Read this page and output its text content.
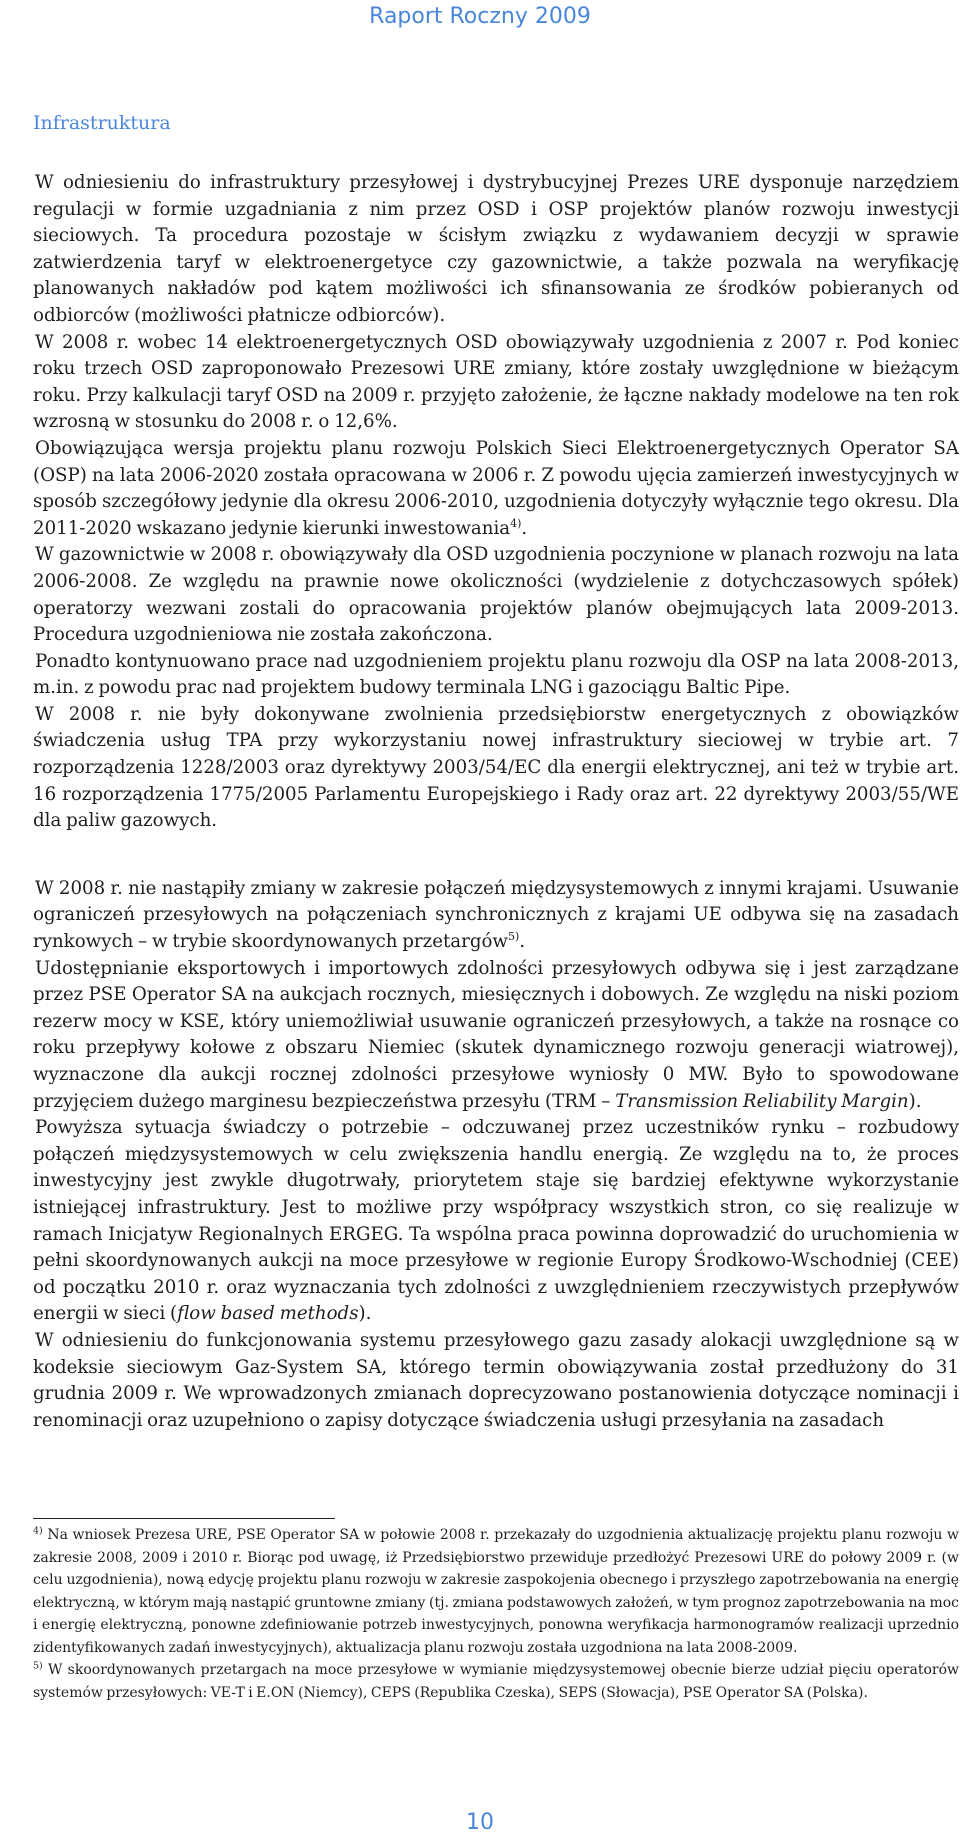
Raport Roczny 2009
Infrastruktura

W odniesieniu do infrastruktury przesyłowej i dystrybucyjnej Prezes URE dysponuje narzędziem regulacji w formie uzgadniania z nim przez OSD i OSP projektów planów rozwoju inwestycji sieciowych. Ta procedura pozostaje w ścisłym związku z wydawaniem decyzji w sprawie zatwierdzenia taryf w elektroenergetyce czy gazownictwie, a także pozwala na weryfikację planowanych nakładów pod kątem możliwości ich sfinansowania ze środków pobieranych od odbiorców (możliwości płatnicze odbiorców).

W 2008 r. wobec 14 elektroenergetycznych OSD obowiązywały uzgodnienia z 2007 r. Pod koniec roku trzech OSD zaproponowało Prezesowi URE zmiany, które zostały uwzględnione w bieżącym roku. Przy kalkulacji taryf OSD na 2009 r. przyjęto założenie, że łączne nakłady modelowe na ten rok wzrosną w stosunku do 2008 r. o 12,6%.

Obowiązująca wersja projektu planu rozwoju Polskich Sieci Elektroenergetycznych Operator SA (OSP) na lata 2006-2020 została opracowana w 2006 r. Z powodu ujęcia zamierzeń inwestycyjnych w sposób szczegółowy jedynie dla okresu 2006-2010, uzgodnienia dotyczyły wyłącznie tego okresu. Dla 2011-2020 wskazano jedynie kierunki inwestowania$^{4)}$.

W gazownictwie w 2008 r. obowiązywały dla OSD uzgodnienia poczynione w planach rozwoju na lata 2006-2008. Ze względu na prawnie nowe okoliczności (wydzielenie z dotychczasowych spółek) operatorzy wezwani zostali do opracowania projektów planów obejmujących lata 2009-2013. Procedura uzgodnieniowa nie została zakończona.

Ponadto kontynuowano prace nad uzgodnieniem projektu planu rozwoju dla OSP na lata 2008-2013, m.in. z powodu prac nad projektem budowy terminala LNG i gazociągu Baltic Pipe.

W 2008 r. nie były dokonywane zwolnienia przedsiębiorstw energetycznych z obowiązków świadczenia usług TPA przy wykorzystaniu nowej infrastruktury sieciowej w trybie art. 7 rozporządzenia 1228/2003 oraz dyrektywy 2003/54/EC dla energii elektrycznej, ani też w trybie art. 16 rozporządzenia 1775/2005 Parlamentu Europejskiego i Rady oraz art. 22 dyrektywy 2003/55/WE dla paliw gazowych.

W 2008 r. nie nastąpiły zmiany w zakresie połączeń międzysystemowych z innymi krajami. Usuwanie ograniczeń przesyłowych na połączeniach synchronicznych z krajami UE odbywa się na zasadach rynkowych – w trybie skoordynowanych przetargów$^{5)}$.

Udostępnianie eksportowych i importowych zdolności przesyłowych odbywa się i jest zarządzane przez PSE Operator SA na aukcjach rocznych, miesięcznych i dobowych. Ze względu na niski poziom rezerw mocy w KSE, który uniemożliwiał usuwanie ograniczeń przesyłowych, a także na rosnące co roku przepływy kołowe z obszaru Niemiec (skutek dynamicznego rozwoju generacji wiatrowej), wyznaczone dla aukcji rocznej zdolności przesyłowe wyniosły 0 MW. Było to spowodowane przyjęciem dużego marginesu bezpieczeństwa przesyłu (TRM – Transmission Reliability Margin).

Powyższa sytuacja świadczy o potrzebie – odczuwanej przez uczestników rynku – rozbudowy połączeń międzysystemowych w celu zwiększenia handlu energią. Ze względu na to, że proces inwestycyjny jest zwykle długotrwały, priorytetem staje się bardziej efektywne wykorzystanie istniejącej infrastruktury. Jest to możliwe przy współpracy wszystkich stron, co się realizuje w ramach Inicjatyw Regionalnych ERGEG. Ta wspólna praca powinna doprowadzić do uruchomienia w pełni skoordynowanych aukcji na moce przesyłowe w regionie Europy Środkowo-Wschodniej (CEE) od początku 2010 r. oraz wyznaczania tych zdolności z uwzględnieniem rzeczywistych przepływów energii w sieci (flow based methods).

W odniesieniu do funkcjonowania systemu przesyłowego gazu zasady alokacji uwzględnione są w kodeksie sieciowym Gaz-System SA, którego termin obowiązywania został przedłużony do 31 grudnia 2009 r. We wprowadzonych zmianach doprecyzowano postanowienia dotyczące nominacji i renominacji oraz uzupełniono o zapisy dotyczące świadczenia usługi przesyłania na zasadach

$^{4)}$ Na wniosek Prezesa URE, PSE Operator SA w połowie 2008 r. przekazały do uzgodnienia aktualizację projektu planu rozwoju w zakresie 2008, 2009 i 2010 r. Biorąc pod uwagę, iż Przedsiębiorstwo przewiduje przedłożyć Prezesowi URE do połowy 2009 r. (w celu uzgodnienia), nową edycję projektu planu rozwoju w zakresie zaspokojenia obecnego i przyszłego zapotrzebowania na energię elektryczną, w którym mają nastąpić gruntowne zmiany (tj. zmiana podstawowych założeń, w tym prognoz zapotrzebowania na moc i energię elektryczną, ponowne zdefiniowanie potrzeb inwestycyjnych, ponowna weryfikacja harmonogramów realizacji uprzednio zidentyfikowanych zadań inwestycyjnych), aktualizacja planu rozwoju została uzgodniona na lata 2008-2009.

$^{5)}$ W skoordynowanych przetargach na moce przesyłowe w wymianie międzysystemowej obecnie bierze udział pięciu operatorów systemów przesyłowych: VE-T i E.ON (Niemcy), CEPS (Republika Czeska), SEPS (Słowacja), PSE Operator SA (Polska).

10
